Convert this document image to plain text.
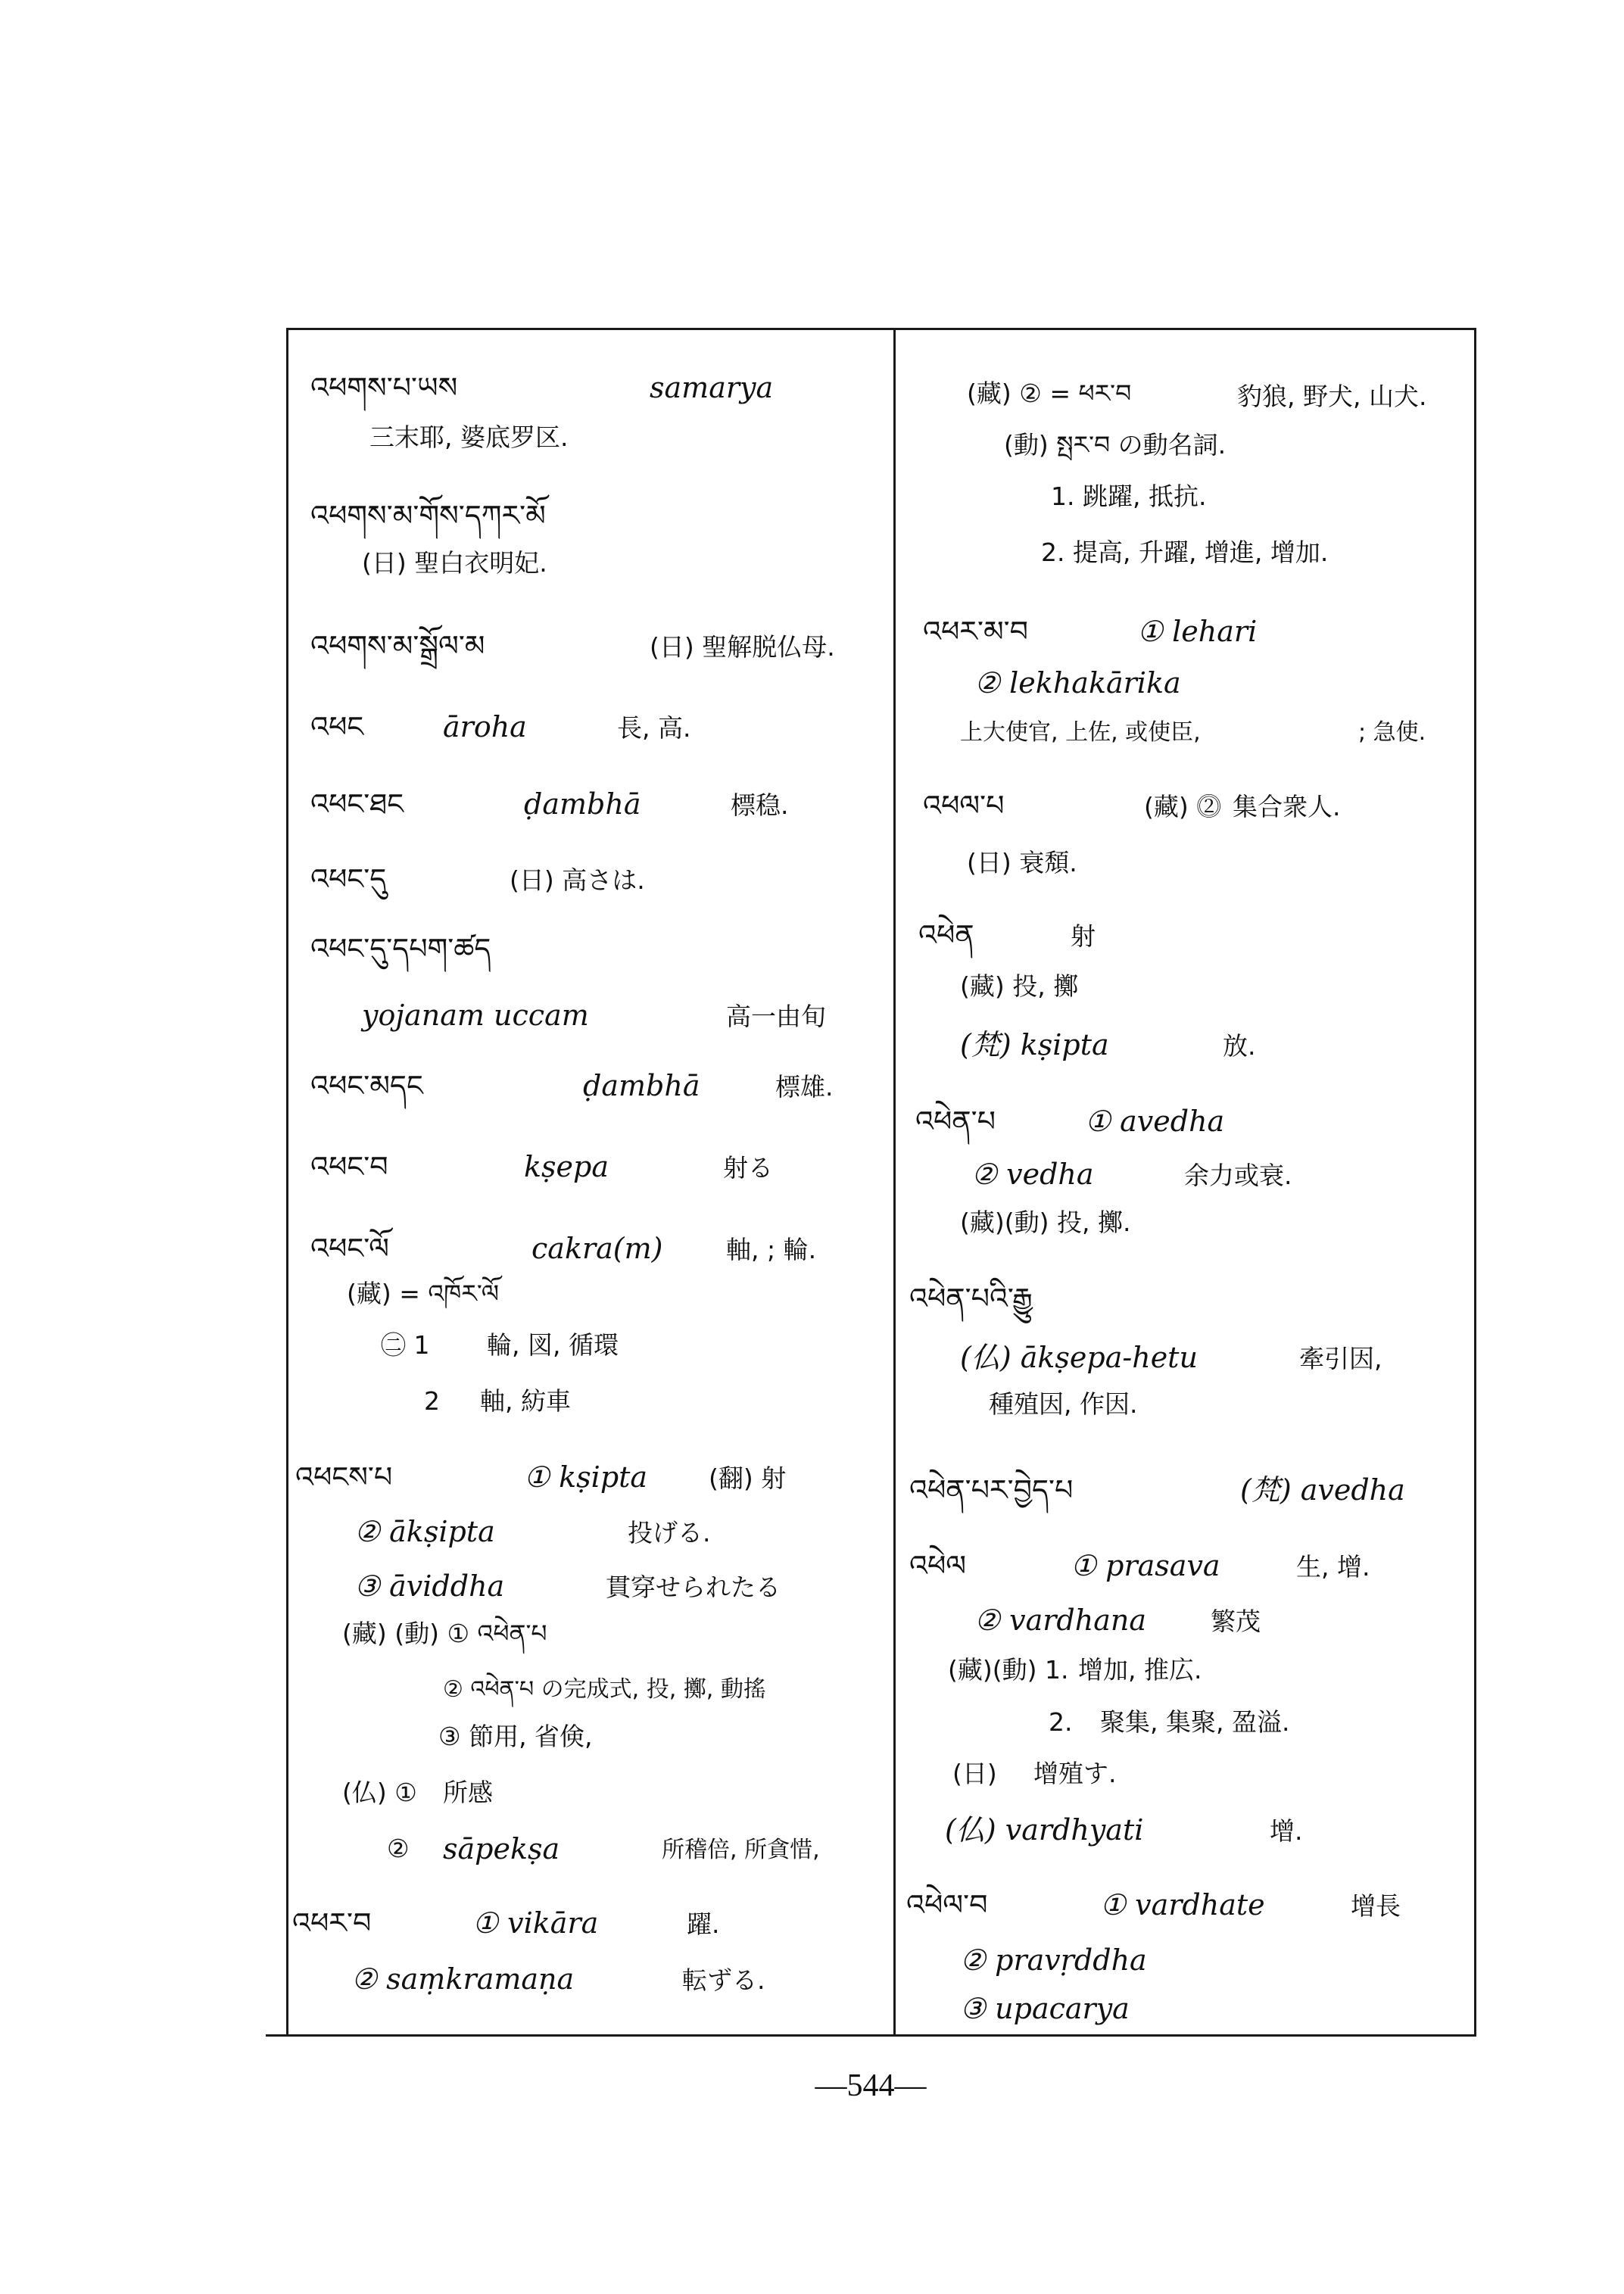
འཕགས་པ་ཡས	samarya
三末耶, 婆底罗区.
འཕགས་མ་གོས་དཀར་མོ
(日) 聖白衣明妃.
འཕགས་མ་སྒྲོལ་མ	(日) 聖解脱仏母.
འཕང	āroha	長, 高.
འཕང་ཐང	ḍambhā	標稳.
འཕང་དུ	(日) 高さは.
འཕང་དུ་དཔག་ཚད
yojanam uccam	高一由旬
འཕང་མདང	ḍambhā	標雄.
འཕང་བ	kṣepa	射る
འཕང་ལོ	cakra(m)	軸, ; 輪.
(藏) = འཁོར་ལོ
㊁ 1 輪, 図, 循環
2 軸, 紡車
འཕངས་པ	① kṣipta (翻) 射
② ākṣipta	投げる.
③ āviddha	貫穿せられたる
(藏) (動) ① འཕེན་པ
② འཕེན་པ の完成式, 投, 擲, 動搖
③ 節用, 省倹,
(仏) ① 所感
② sāpekṣa	所稽倍, 所貪惜,
འཕར་བ	① vikāra	躍.
② saṃkramaṇa	転ずる.
(藏) ② = ཕར་བ	豹狼, 野犬, 山犬.
(動) སྤར་བ の動名詞.
1. 跳躍, 抵抗.
2. 提高, 升躍, 增進, 增加.
འཕར་མ་བ	① lehari
② lekhakārika
上大使官, 上佐, 或使臣,	; 急使.
འཕལ་པ	(藏) ⓶ 集合衆人.
(日) 衰頽.
འཕེན	射
(藏) 投, 擲
(梵) kṣipta	放.
འཕེན་པ	① avedha
② vedha	余力或衰.
(藏)(動) 投, 擲.
འཕེན་པའི་རྒྱུ
(仏) ākṣepa-hetu	牽引因,
種殖因, 作因.
འཕེན་པར་བྱེད་པ	(梵) avedha
འཕེལ	① prasava	生, 增.
② vardhana	繁茂
(藏)(動) 1. 增加, 推広.
2. 聚集, 集聚, 盈溢.
(日) 增殖す.
(仏) vardhyati	增.
འཕེལ་བ	① vardhate	增長
② pravṛddha
③ upacarya
—544—
